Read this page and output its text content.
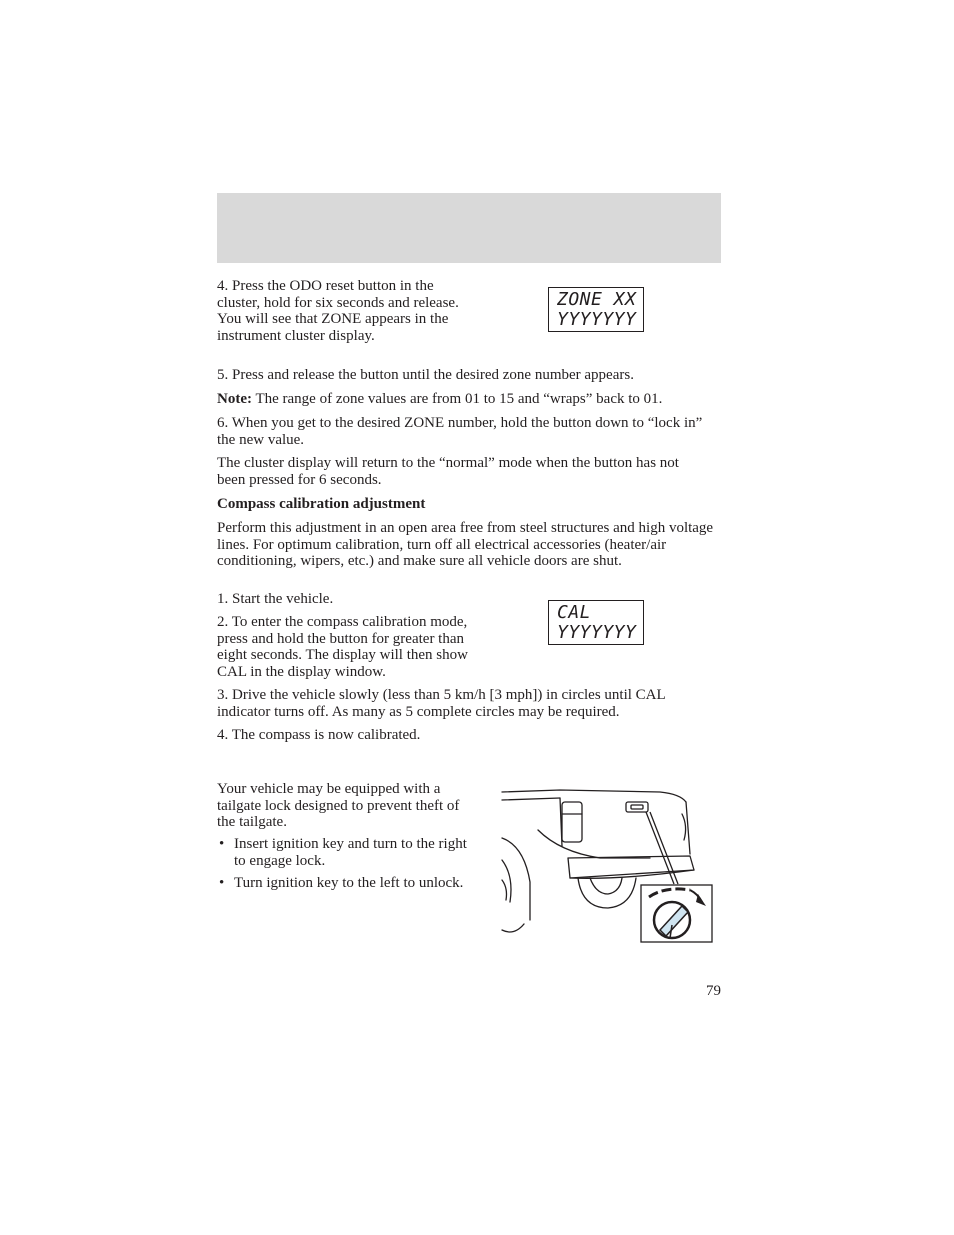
4. Press the ODO reset button in the cluster, hold for six seconds and release. You will see that ZONE appears in the instrument cluster display.

ZONE XX
YYYYYYY

5. Press and release the button until the desired zone number appears.

Note: The range of zone values are from 01 to 15 and “wraps” back to 01.

6. When you get to the desired ZONE number, hold the button down to “lock in” the new value.

The cluster display will return to the “normal” mode when the button has not been pressed for 6 seconds.

Compass calibration adjustment

Perform this adjustment in an open area free from steel structures and high voltage lines. For optimum calibration, turn off all electrical accessories (heater/air conditioning, wipers, etc.) and make sure all vehicle doors are shut.

1. Start the vehicle.

2. To enter the compass calibration mode, press and hold the button for greater than eight seconds. The display will then show CAL in the display window.

CAL
YYYYYYY

3. Drive the vehicle slowly (less than 5 km/h [3 mph]) in circles until CAL indicator turns off. As many as 5 complete circles may be required.

4. The compass is now calibrated.

Your vehicle may be equipped with a tailgate lock designed to prevent theft of the tailgate.

• Insert ignition key and turn to the right to engage lock.
• Turn ignition key to the left to unlock.
79
